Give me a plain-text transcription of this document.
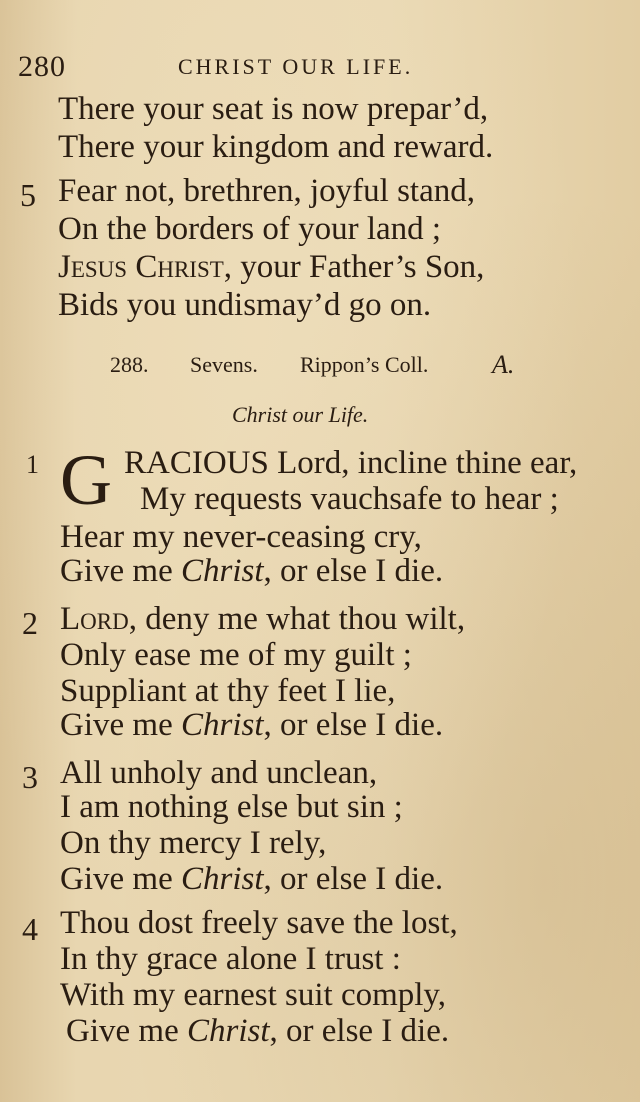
280	CHRIST OUR LIFE.
There your seat is now prepar’d,
There your kingdom and reward.
5 Fear not, brethren, joyful stand,
On the borders of your land ;
Jesus Christ, your Father’s Son,
Bids you undismay’d go on.
288. Sevens. Rippon’s Coll. A.
Christ our Life.
1 G RACIOUS Lord, incline thine ear,
My requests vauchsafe to hear ;
Hear my never-ceasing cry,
Give me Christ, or else I die.
2 Lord, deny me what thou wilt,
Only ease me of my guilt ;
Suppliant at thy feet I lie,
Give me Christ, or else I die.
3 All unholy and unclean,
I am nothing else but sin ;
On thy mercy I rely,
Give me Christ, or else I die.
4 Thou dost freely save the lost,
In thy grace alone I trust :
With my earnest suit comply,
Give me Christ, or else I die.
